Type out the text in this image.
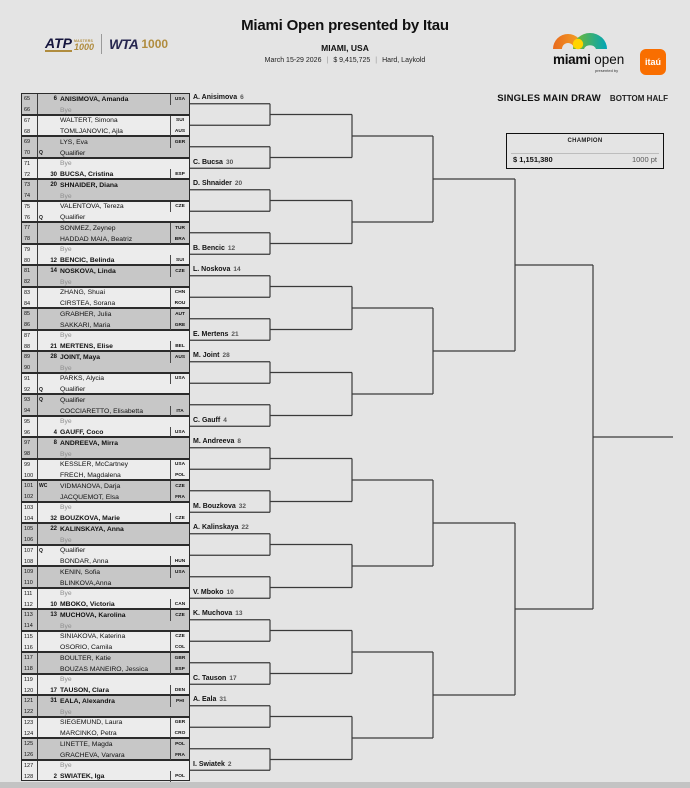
ATP MASTERS
1000 WTA 1000
Miami Open presented by Itau
MIAMI, USA
March 15-29 2026 | $ 9,415,725 | Hard, Laykold	miami open
presented by
itaú
SINGLES MAIN DRAW BOTTOM HALF
CHAMPION
$ 1,151,380	1000 pt
65	6 ANISIMOVA, Amanda	USA
66	Bye
67	WALTERT, Simona	SUI
68	TOMLJANOVIC, Ajla	AUS
69	LYS, Eva	GER
70	Q	Qualifier
71	Bye
72	30 BUCSA, Cristina	ESP
73	20 SHNAIDER, Diana
74	Bye
75	VALENTOVA, Tereza	CZE
76	Q	Qualifier
77	SONMEZ, Zeynep	TUR
78	HADDAD MAIA, Beatriz	BRA
79	Bye
80	12 BENCIC, Belinda	SUI
81	14 NOSKOVA, Linda	CZE
82	Bye
83	ZHANG, Shuai	CHN
84	CIRSTEA, Sorana	ROU
85	GRABHER, Julia	AUT
86	SAKKARI, Maria	GRE
87	Bye
88	21 MERTENS, Elise	BEL
89	28 JOINT, Maya	AUS
90	Bye
91	PARKS, Alycia	USA
92	Q	Qualifier
93	Q	Qualifier
94	COCCIARETTO, Elisabetta	ITA
95	Bye
96	4 GAUFF, Coco	USA
97	8 ANDREEVA, Mirra
98	Bye
99	KESSLER, McCartney	USA
100	FRECH, Magdalena	POL
101	WC	VIDMANOVA, Darja	CZE
102	JACQUEMOT, Elsa	FRA
103	Bye
104	32 BOUZKOVA, Marie	CZE
105	22 KALINSKAYA, Anna
106	Bye
107	Q	Qualifier
108	BONDAR, Anna	HUN
109	KENIN, Sofia	USA
110	BLINKOVA,Anna
111	Bye
112	10 MBOKO, Victoria	CAN
113	13 MUCHOVA, Karolina	CZE
114	Bye
115	SINIAKOVA, Katerina	CZE
116	OSORIO, Camila	COL
117	BOULTER, Katie	GBR
118	BOUZAS MANEIRO, Jessica	ESP
119	Bye
120	17 TAUSON, Clara	DEN
121	31 EALA, Alexandra	PHI
122	Bye
123	SIEGEMUND, Laura	GER
124	MARCINKO, Petra	CRO
125	LINETTE, Magda	POL
126	GRACHEVA, Varvara	FRA
127	Bye
128	2 SWIATEK, Iga	POL
A. Anisimova 6
C. Bucsa 30
D. Shnaider 20
B. Bencic 12
L. Noskova 14
E. Mertens 21
M. Joint 28
C. Gauff 4
M. Andreeva 8
M. Bouzkova 32
A. Kalinskaya 22
V. Mboko 10
K. Muchova 13
C. Tauson 17
A. Eala 31
I. Swiatek 2
